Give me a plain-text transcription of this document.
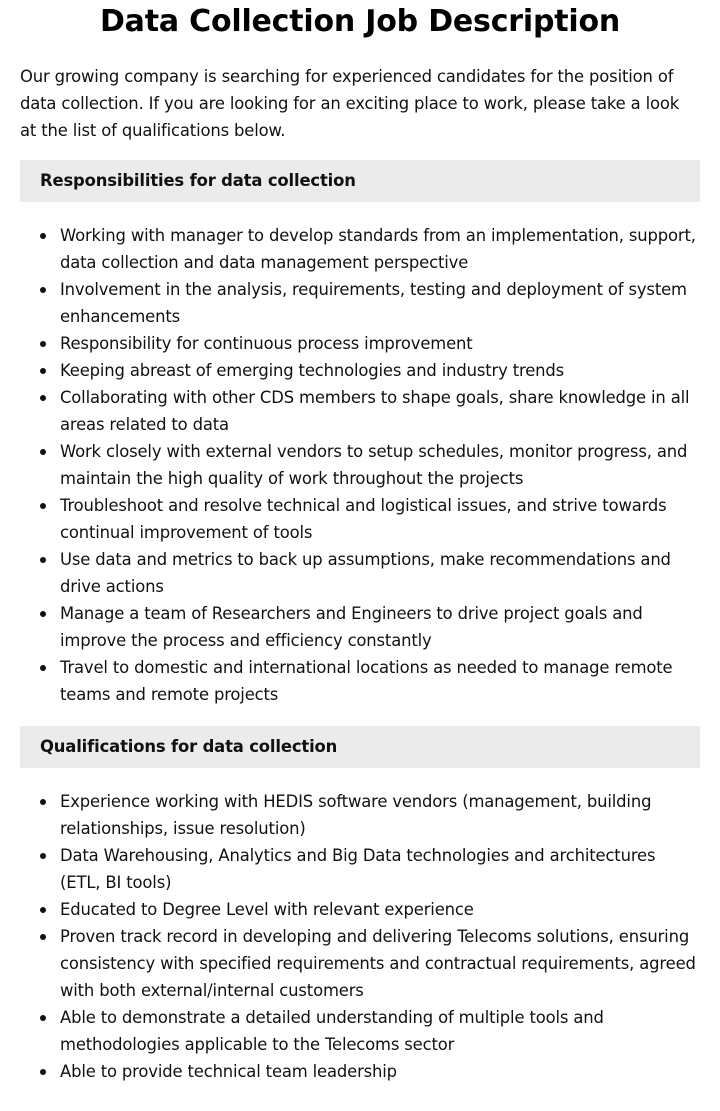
Data Collection Job Description

Our growing company is searching for experienced candidates for the position of data collection. If you are looking for an exciting place to work, please take a look at the list of qualifications below.

Responsibilities for data collection
Working with manager to develop standards from an implementation, support, data collection and data management perspective
Involvement in the analysis, requirements, testing and deployment of system enhancements
Responsibility for continuous process improvement
Keeping abreast of emerging technologies and industry trends
Collaborating with other CDS members to shape goals, share knowledge in all areas related to data
Work closely with external vendors to setup schedules, monitor progress, and maintain the high quality of work throughout the projects
Troubleshoot and resolve technical and logistical issues, and strive towards continual improvement of tools
Use data and metrics to back up assumptions, make recommendations and drive actions
Manage a team of Researchers and Engineers to drive project goals and improve the process and efficiency constantly
Travel to domestic and international locations as needed to manage remote teams and remote projects
Qualifications for data collection
Experience working with HEDIS software vendors (management, building relationships, issue resolution)
Data Warehousing, Analytics and Big Data technologies and architectures (ETL, BI tools)
Educated to Degree Level with relevant experience
Proven track record in developing and delivering Telecoms solutions, ensuring consistency with specified requirements and contractual requirements, agreed with both external/internal customers
Able to demonstrate a detailed understanding of multiple tools and methodologies applicable to the Telecoms sector
Able to provide technical team leadership
